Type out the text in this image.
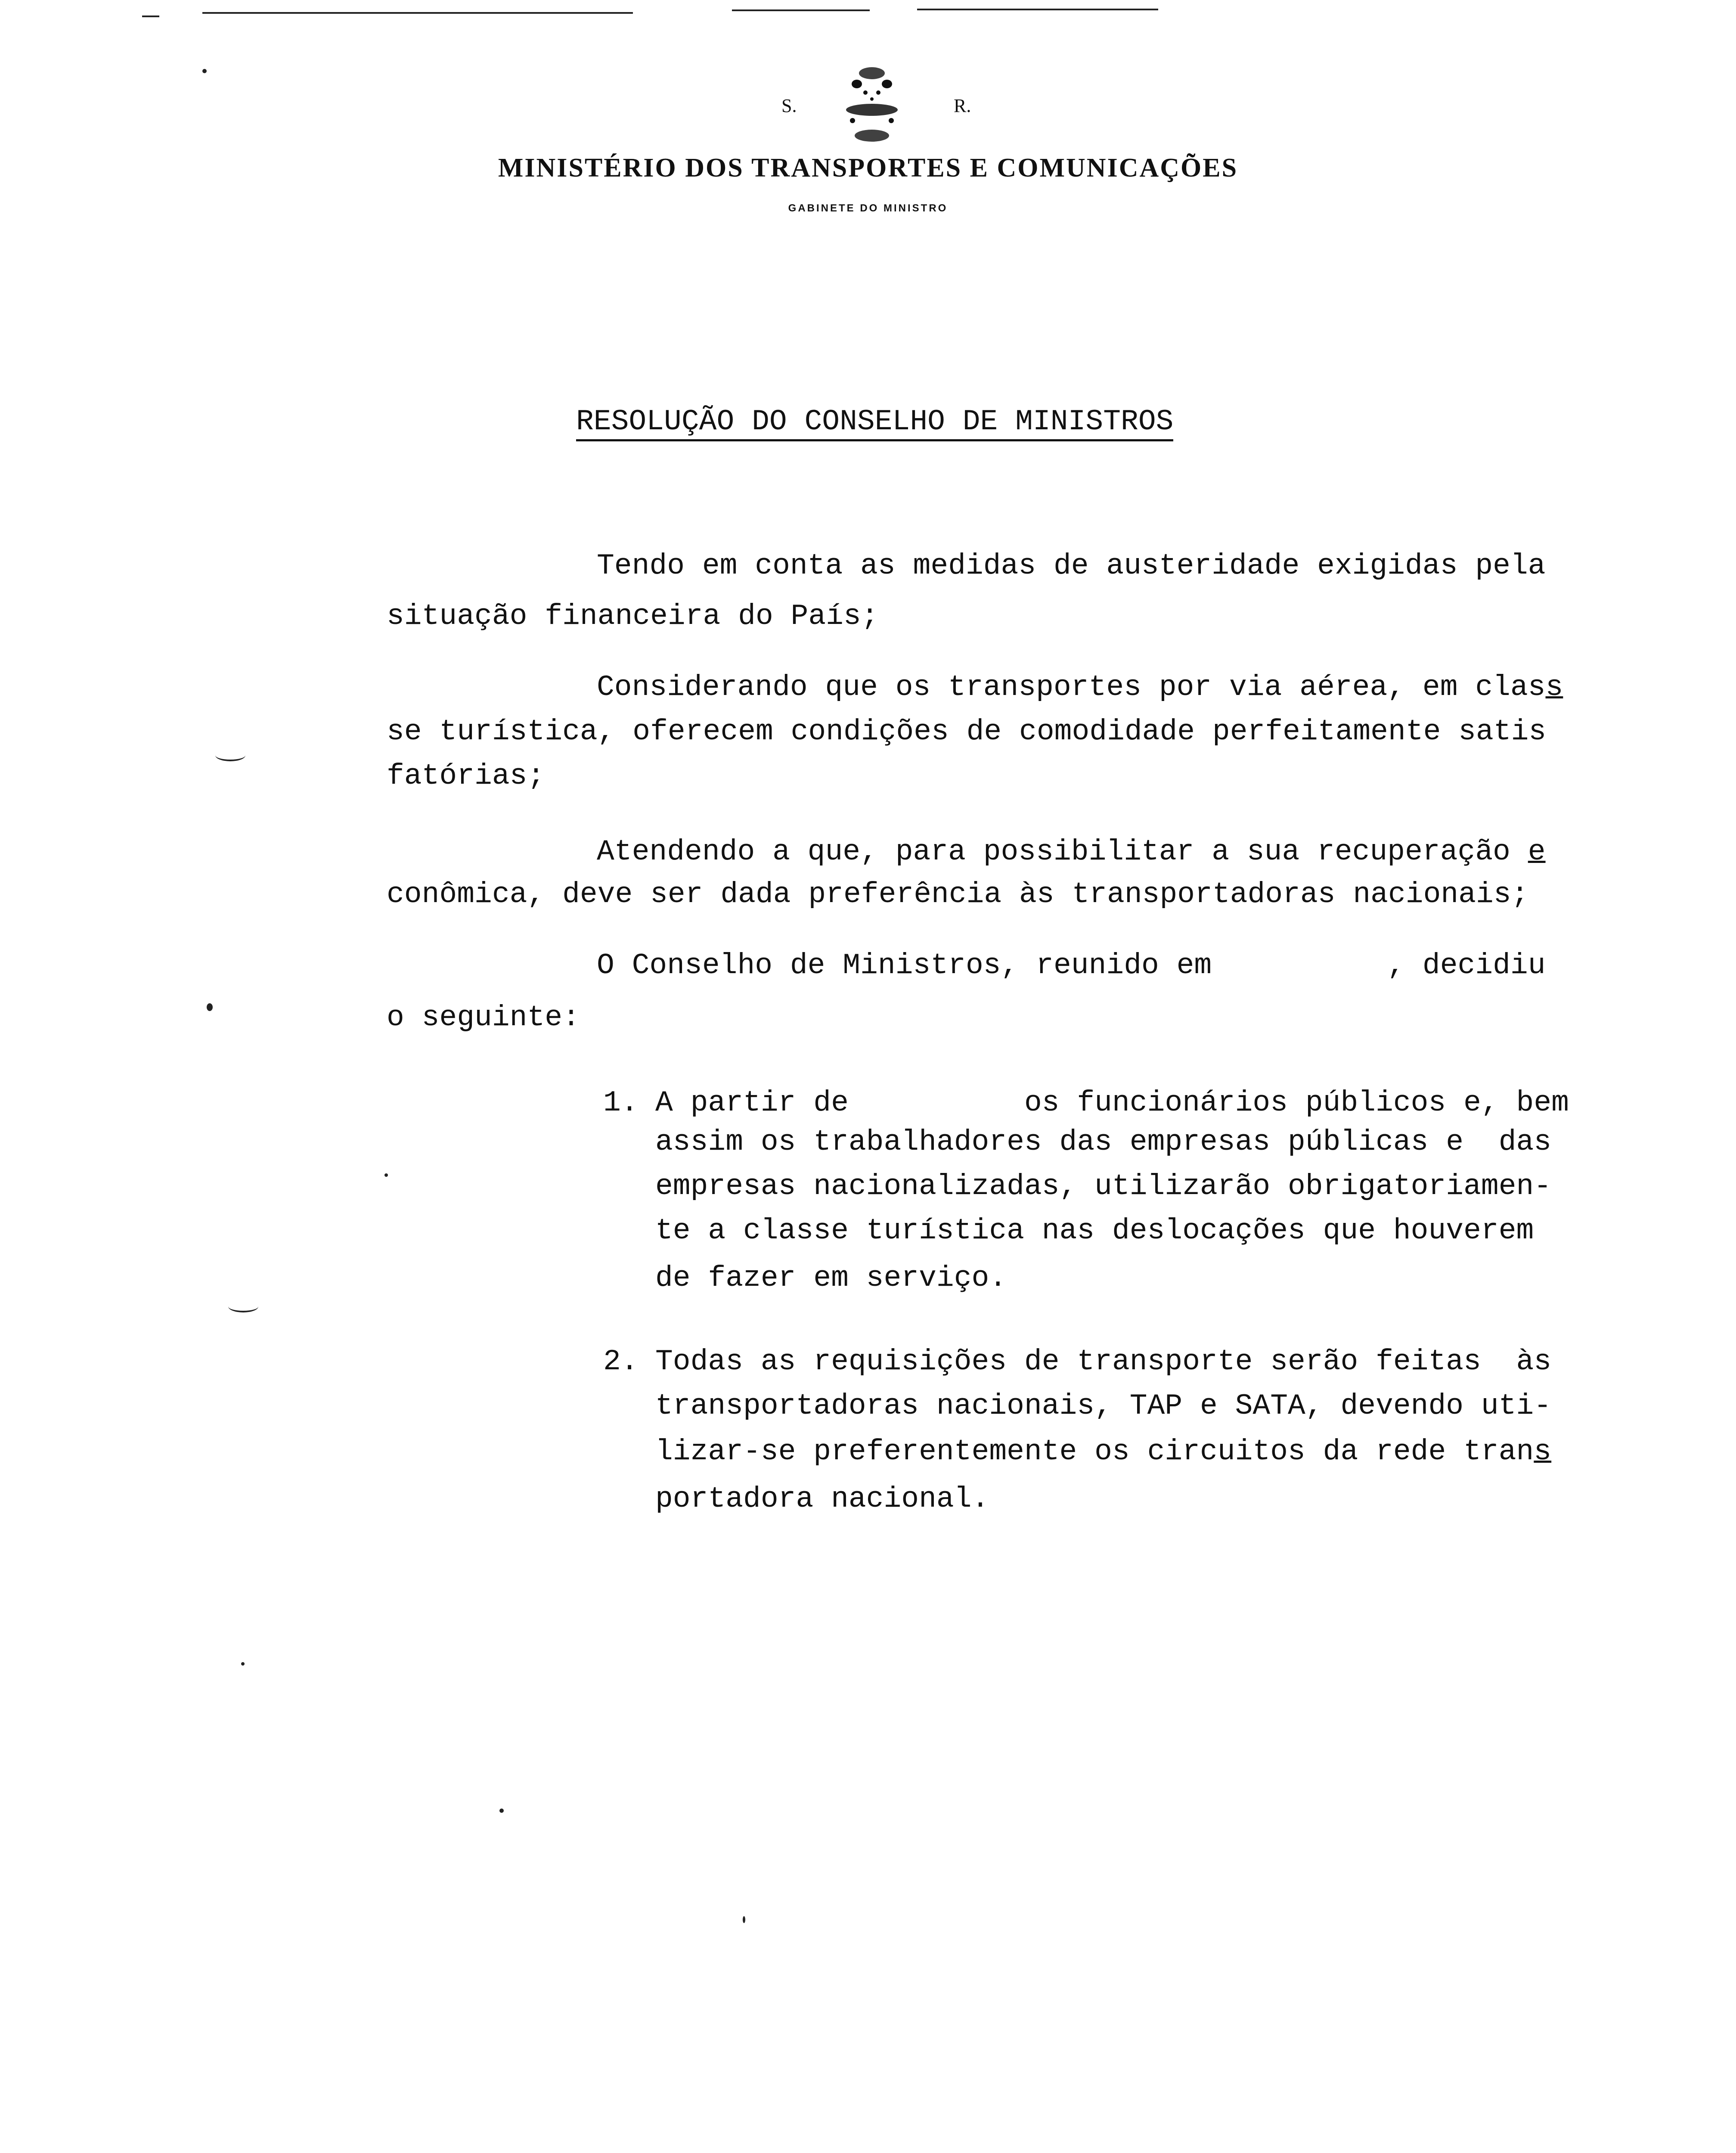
S.	R.
MINISTÉRIO DOS TRANSPORTES E COMUNICAÇÕES
GABINETE DO MINISTRO
RESOLUÇÃO DO CONSELHO DE MINISTROS
Tendo em conta as medidas de austeridade exigidas pela
situação financeira do País;
Considerando que os transportes por via aérea, em class
se turística, oferecem condições de comodidade perfeitamente satis
fatórias;
Atendendo a que, para possibilitar a sua recuperação e
conômica, deve ser dada preferência às transportadoras nacionais;
O Conselho de Ministros, reunido em          , decidiu
o seguinte:
A partir de          os funcionários públicos e, bem
assim os trabalhadores das empresas públicas e  das
empresas nacionalizadas, utilizarão obrigatoriamen-
te a classe turística nas deslocações que houverem
de fazer em serviço.
Todas as requisições de transporte serão feitas  às
transportadoras nacionais, TAP e SATA, devendo uti-
lizar-se preferentemente os circuitos da rede trans
portadora nacional.
1.
2.
